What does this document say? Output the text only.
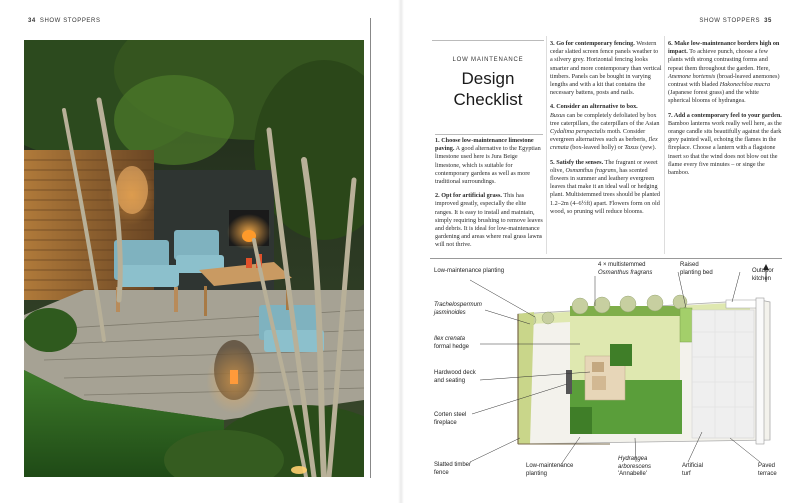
34 SHOW STOPPERS	SHOW STOPPERS 35
LOW MAINTENANCE
Design
Checklist

1. Choose low-maintenance limestone paving. A good alternative to the Egyptian limestone used here is Jura Beige limestone, which is suitable for contemporary gardens as well as more traditional surroundings.

2. Opt for artificial grass. This has improved greatly, especially the elite ranges. It is easy to install and maintain, simply requiring brushing to remove leaves and debris. It is ideal for low-maintenance gardening and areas where real grass lawns will not thrive.

3. Go for contemporary fencing. Western cedar slatted screen fence panels weather to a silvery grey. Horizontal fencing looks smarter and more contemporary than vertical timbers. Panels can be bought in varying lengths and with a kit that contains the necessary battens, posts and nails.

4. Consider an alternative to box.
Buxus can be completely defoliated by box tree caterpillars, the caterpillars of the Asian Cydalima perspectalis moth. Consider evergreen alternatives such as berberis, Ilex crenata (box-leaved holly) or Taxus (yew).

5. Satisfy the senses. The fragrant or sweet olive, Osmanthus fragrans, has scented flowers in summer and leathery evergreen leaves that make it an ideal wall or hedging plant. Multistemmed trees should be planted 1.2–2m (4–6½ft) apart. Flowers form on old wood, so pruning will reduce blooms.

6. Make low-maintenance borders high on impact. To achieve punch, choose a few plants with strong contrasting forms and repeat them throughout the garden. Here, Anemone hortensis (broad-leaved anemones) contrast with bladed Hakonechloa macra (Japanese forest grass) and the white spherical blooms of hydrangea.

7. Add a contemporary feel to your garden. Bamboo lanterns work really well here, as the orange candle sits beautifully against the dark grey painted wall, echoing the flames in the fireplace. Choose a lantern with a flagstone insert so that the wind does not blow out the flame every five minutes – or singe the bamboo.

Low-maintenance planting
Trachelospermum
jasminoides
Ilex crenata
formal hedge
Hardwood deck
and seating
Corten steel
fireplace
Slatted timber
fence
4 × multistemmed
Osmanthus fragrans
Raised
planting bed	Outdoor
kitchen
Low-maintenance
planting
Hydrangea
arborescens
'Annabelle'
Artificial
turf
Paved
terrace
